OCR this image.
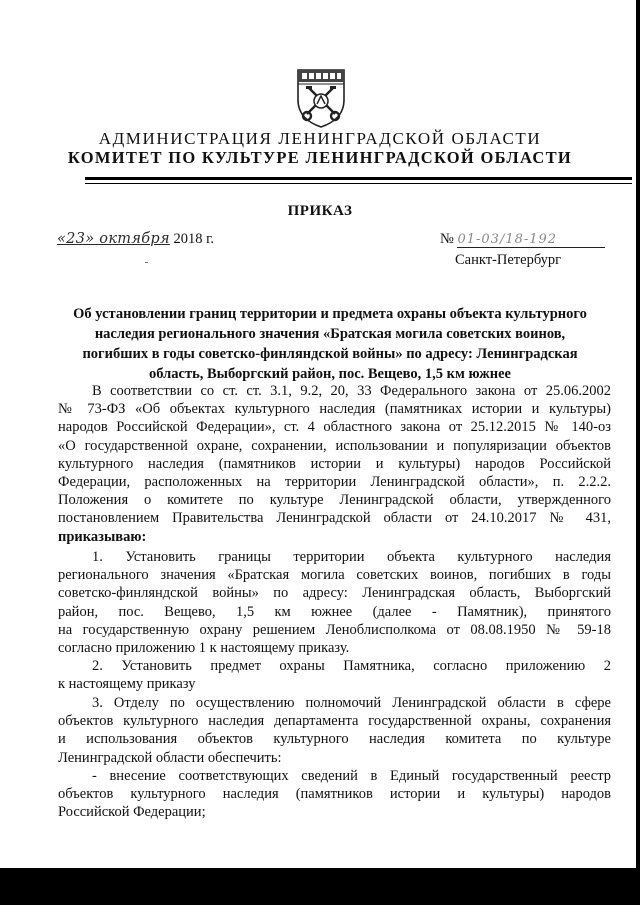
АДМИНИСТРАЦИЯ ЛЕНИНГРАДСКОЙ ОБЛАСТИ
КОМИТЕТ ПО КУЛЬТУРЕ ЛЕНИНГРАДСКОЙ ОБЛАСТИ
ПРИКАЗ
«23» октября 2018 г.	№ 01-03/18-192
Санкт-Петербург
Об установлении границ территории и предмета охраны объекта культурного
наследия регионального значения «Братская могила советских воинов,
погибших в годы советско-финляндской войны» по адресу: Ленинградская
область, Выборгский район, пос. Вещево, 1,5 км южнее
В соответствии со ст. ст. 3.1, 9.2, 20, 33 Федерального закона от 25.06.2002
№ 73-ФЗ «Об объектах культурного наследия (памятниках истории и культуры)
народов Российской Федерации», ст. 4 областного закона от 25.12.2015 № 140-оз
«О государственной охране, сохранении, использовании и популяризации объектов
культурного наследия (памятников истории и культуры) народов Российской
Федерации, расположенных на территории Ленинградской области», п. 2.2.2.
Положения о комитете по культуре Ленинградской области, утвержденного
постановлением Правительства Ленинградской области от 24.10.2017 № 431,
приказываю:
1. Установить границы территории объекта культурного наследия
регионального значения «Братская могила советских воинов, погибших в годы
советско-финляндской войны» по адресу: Ленинградская область, Выборгский
район, пос. Вещево, 1,5 км южнее (далее - Памятник), принятого
на государственную охрану решением Леноблисполкома от 08.08.1950 № 59-18
согласно приложению 1 к настоящему приказу.
2. Установить предмет охраны Памятника, согласно приложению 2
к настоящему приказу
3. Отделу по осуществлению полномочий Ленинградской области в сфере
объектов культурного наследия департамента государственной охраны, сохранения
и использования объектов культурного наследия комитета по культуре
Ленинградской области обеспечить:
- внесение соответствующих сведений в Единый государственный реестр
объектов культурного наследия (памятников истории и культуры) народов
Российской Федерации;
